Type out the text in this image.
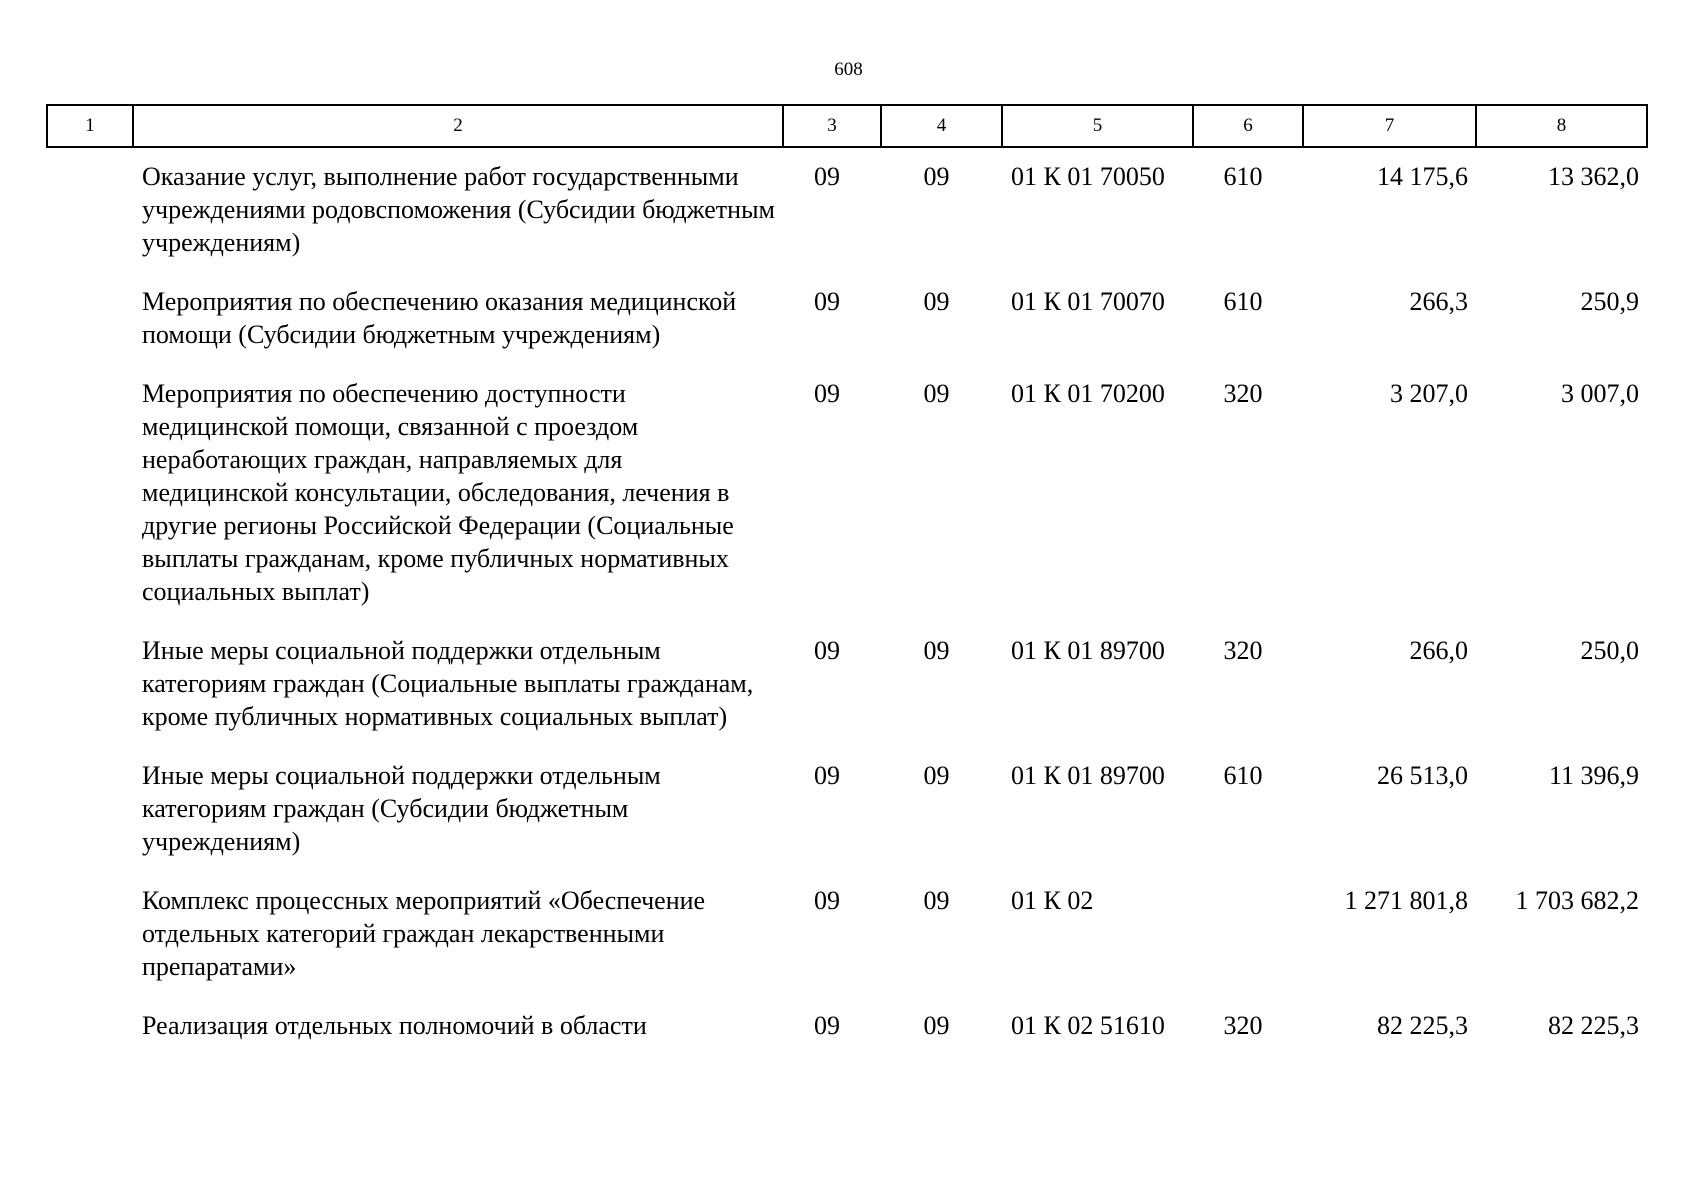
608
1	2	3	4	5	6	7	8
	Оказание услуг, выполнение работ государственными учреждениями родовспоможения (Субсидии бюджетным учреждениям)	09	09	01 К 01 70050	610	14 175,6	13 362,0
	Мероприятия по обеспечению оказания медицинской помощи (Субсидии бюджетным учреждениям)	09	09	01 К 01 70070	610	266,3	250,9
	Мероприятия по обеспечению доступности медицинской помощи, связанной с проездом неработающих граждан, направляемых для медицинской консультации, обследования, лечения в другие регионы Российской Федерации (Социальные выплаты гражданам, кроме публичных нормативных социальных выплат)	09	09	01 К 01 70200	320	3 207,0	3 007,0
	Иные меры социальной поддержки отдельным категориям граждан (Социальные выплаты гражданам, кроме публичных нормативных социальных выплат)	09	09	01 К 01 89700	320	266,0	250,0
	Иные меры социальной поддержки отдельным категориям граждан (Субсидии бюджетным учреждениям)	09	09	01 К 01 89700	610	26 513,0	11 396,9
	Комплекс процессных мероприятий «Обеспечение отдельных категорий граждан лекарственными препаратами»	09	09	01 К 02		1 271 801,8	1 703 682,2
	Реализация отдельных полномочий в области	09	09	01 К 02 51610	320	82 225,3	82 225,3
